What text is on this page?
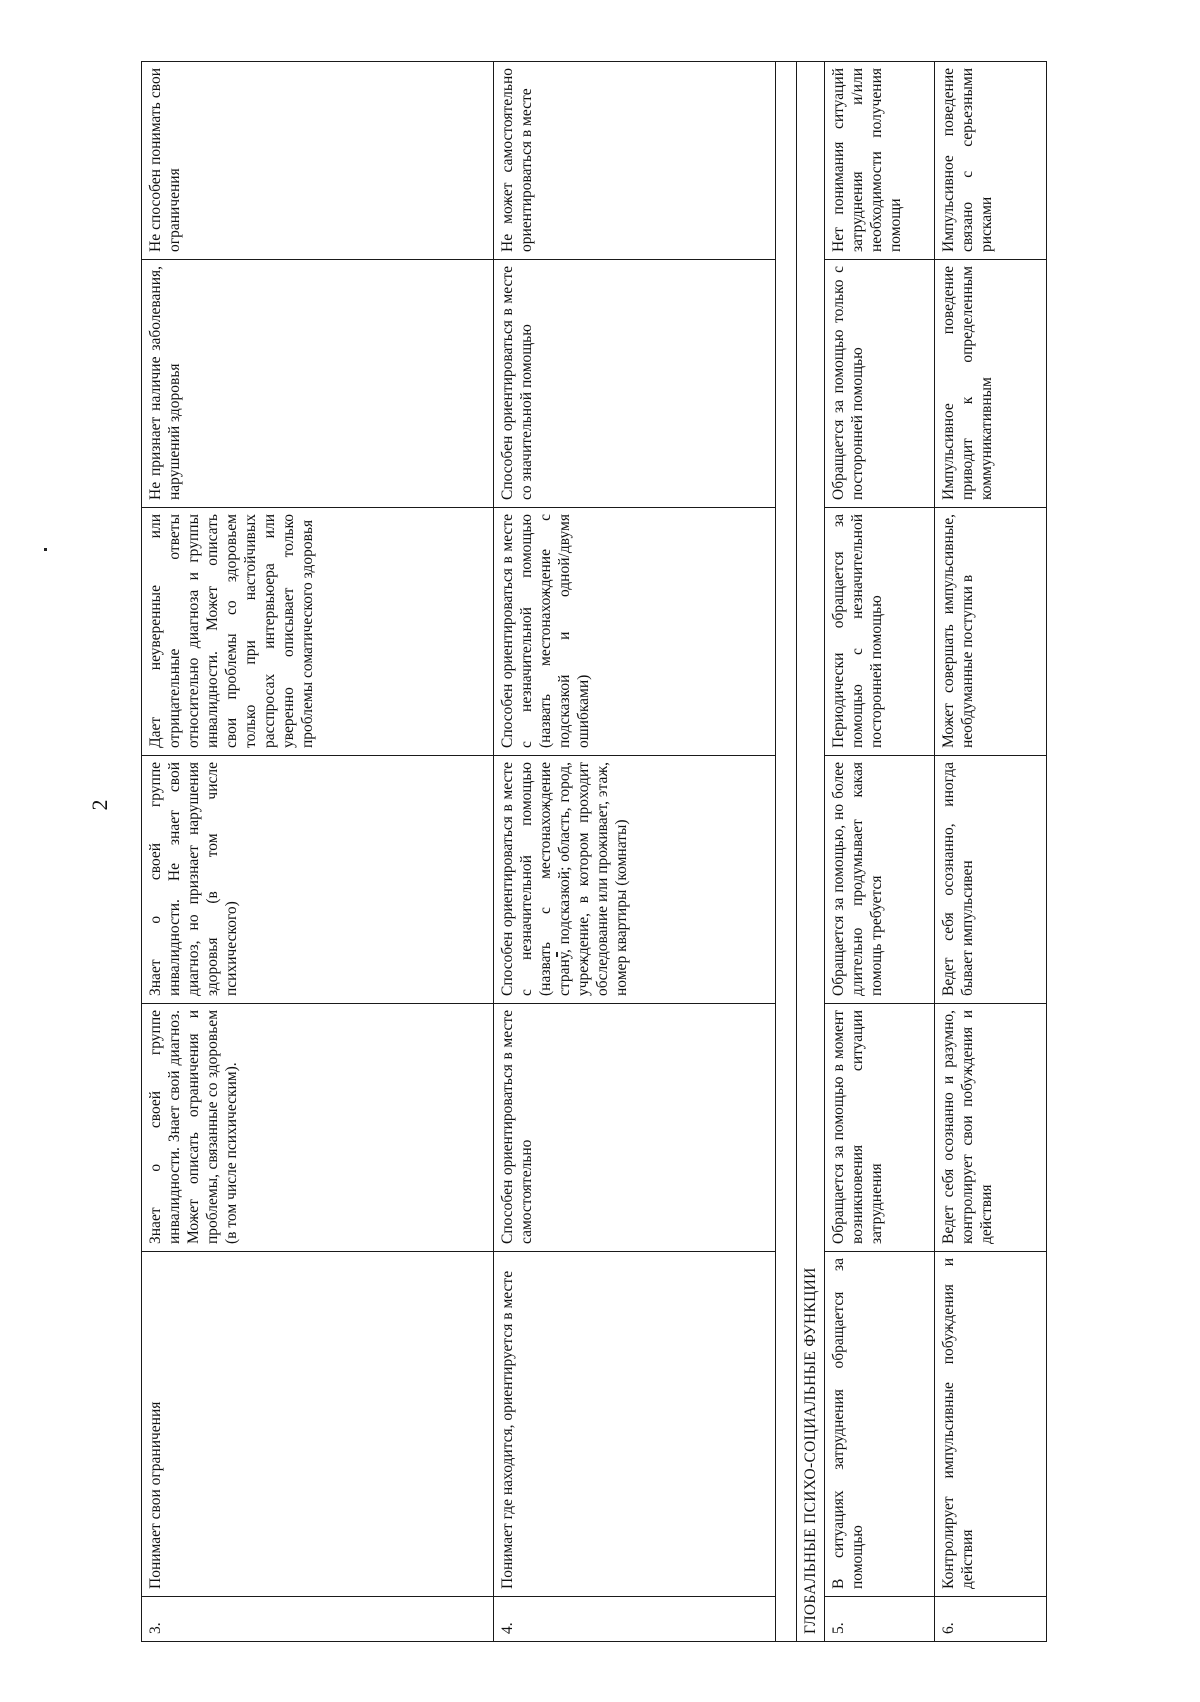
2
3.	Понимает свои ограничения	Знает о своей группе инвалидности. Знает свой диагноз. Может описать ограничения и проблемы, связанные со здоровьем (в том числе психическим).	Знает о своей группе инвалидности. Не знает свой диагноз, но признает нарушения здоровья (в том числе психического)	Дает неуверенные или отрицательные ответы относительно диагноза и группы инвалидности. Может описать свои проблемы со здоровьем только при настойчивых расспросах интервьюера или уверенно описывает только проблемы соматического здоровья	Не признает наличие заболевания, нарушений здоровья	Не способен понимать свои ограничения
4.	Понимает где находится, ориентируется в месте	Способен ориентироваться в месте самостоятельно	Способен ориентироваться в месте с незначительной помощью (назвать с местонахождение страну, подсказкой; область, город, учреждение, в котором проходит обследование или проживает, этаж, номер квартиры (комнаты)	Способен ориентироваться в месте с незначительной помощью (назвать местонахождение с подсказкой и одной/двумя ошибками)	Способен ориентироваться в месте со значительной помощью	Не может самостоятельно ориентироваться в месте

ГЛОБАЛЬНЫЕ ПСИХО-СОЦИАЛЬНЫЕ ФУНКЦИИ						
5.	В ситуациях затруднения обращается за помощью	Обращается за помощью в момент возникновения ситуации затруднения	Обращается за помощью, но более длительно продумывает какая помощь требуется	Периодически обращается за помощью с незначительной посторонней помощью	Обращается за помощью только с посторонней помощью	Нет понимания ситуаций затруднения и/или необходимости получения помощи
6.	Контролирует импульсивные побуждения и действия	Ведет себя осознанно и разумно, контролирует свои побуждения и действия	Ведет себя осознанно, иногда бывает импульсивен	Может совершать импульсивные, необдуманные поступки в	Импульсивное поведение приводит к определенным коммуникативным	Импульсивное поведение связано с серьезными рисками
